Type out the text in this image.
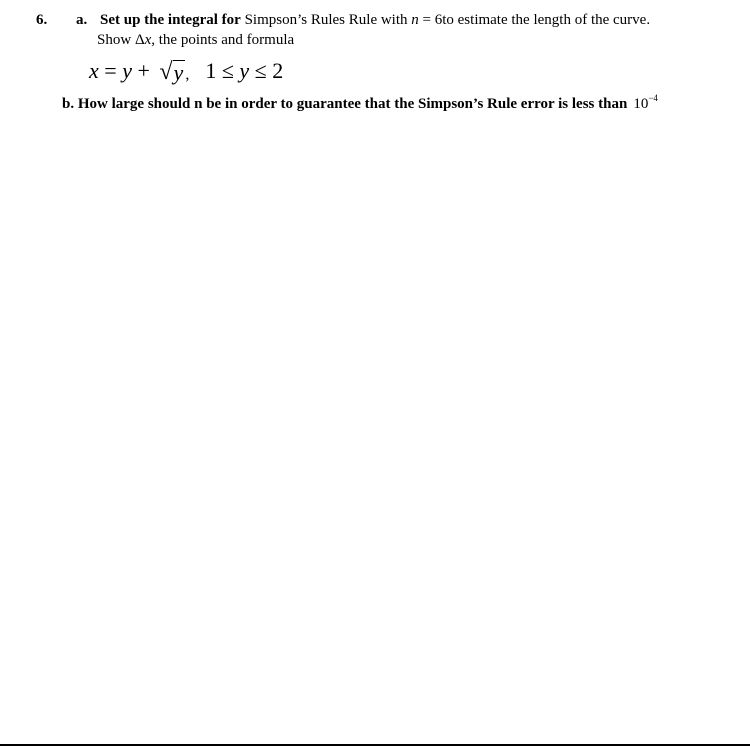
6. a. Set up the integral for Simpson’s Rules Rule with n = 6to estimate the length of the curve.
Show Δx, the points and formula
x = y + √ y , 1 ≤ y ≤ 2
b. How large should n be in order to guarantee that the Simpson’s Rule error is less than $10^{-4}$
